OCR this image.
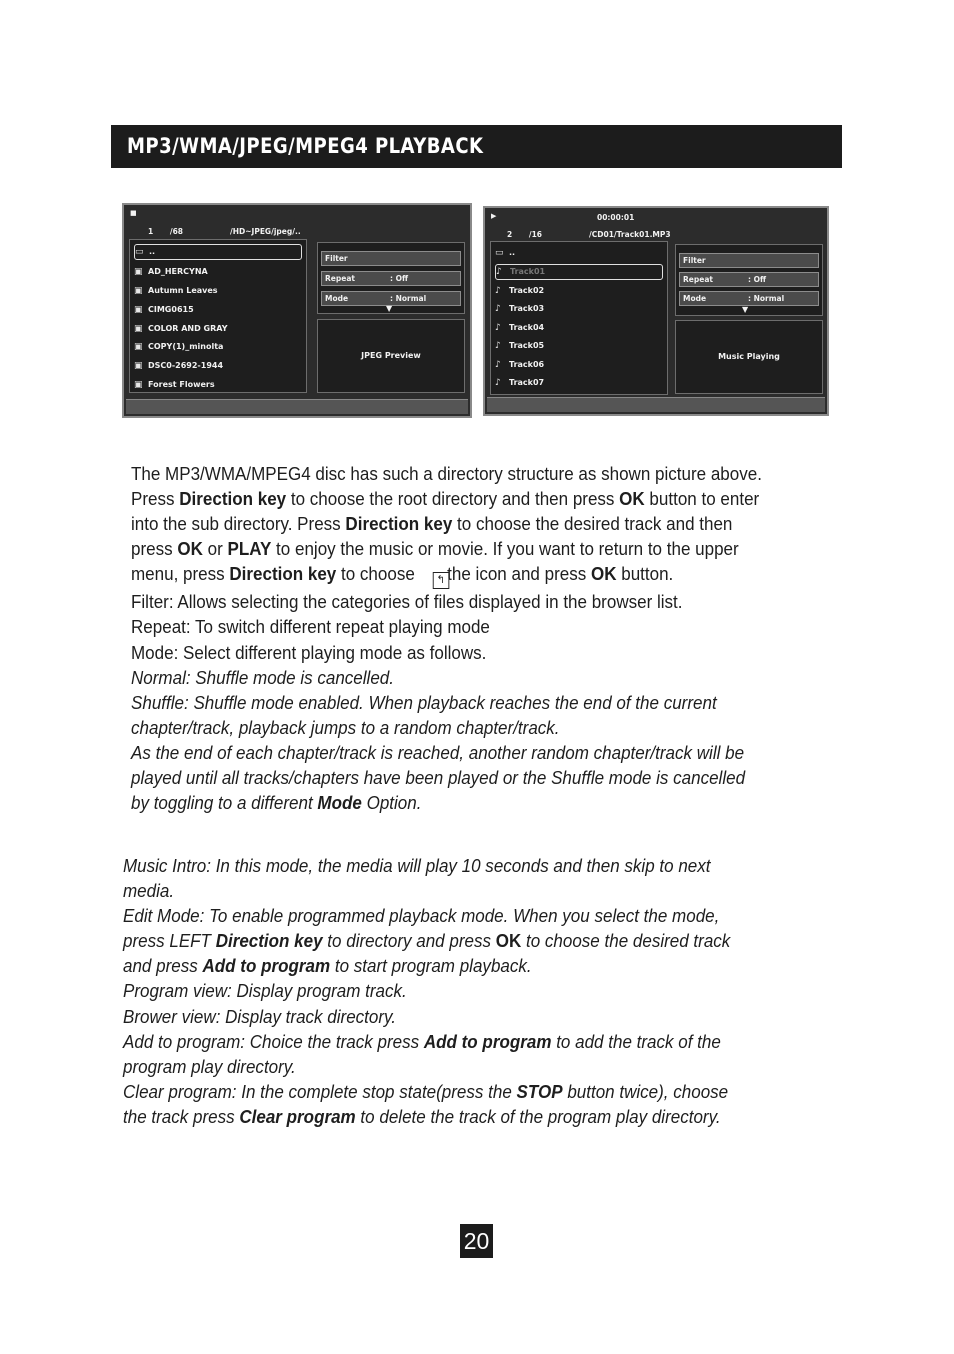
MP3/WMA/JPEG/MPEG4 PLAYBACK
■
1 /68	/HD~JPEG/jpeg/..
▭ ..
▣ AD_HERCYNA
▣ Autumn Leaves
▣ CIMG0615
▣ COLOR AND GRAY
▣ COPY(1)_minolta
▣ DSC0-2692-1944
▣ Forest Flowers
Filter
Repeat	: Off
Mode	: Normal
▼
JPEG Preview
▶	00:00:01
2 /16	/CD01/Track01.MP3
▭ ..
♪ Track01
♪ Track02
♪ Track03
♪ Track04
♪ Track05
♪ Track06
♪ Track07
Filter
Repeat	: Off
Mode	: Normal
▼
Music Playing
The MP3/WMA/MPEG4 disc has such a directory structure as shown picture above.
Press Direction key to choose the root directory and then press OK button to enter
into the sub directory. Press Direction key to choose the desired track and then
press OK or PLAY to enjoy the music or movie. If you want to return to the upper
menu, press Direction key to choose ↰ the icon and press OK button.
Filter: Allows selecting the categories of files displayed in the browser list.
Repeat: To switch different repeat playing mode
Mode: Select different playing mode as follows.
Normal: Shuffle mode is cancelled.
Shuffle: Shuffle mode enabled. When playback reaches the end of the current
chapter/track, playback jumps to a random chapter/track.
As the end of each chapter/track is reached, another random chapter/track will be
played until all tracks/chapters have been played or the Shuffle mode is cancelled
by toggling to a different Mode Option.
Music Intro: In this mode, the media will play 10 seconds and then skip to next
media.
Edit Mode: To enable programmed playback mode. When you select the mode,
press LEFT Direction key to directory and press OK to choose the desired track
and press Add to program to start program playback.
Program view: Display program track.
Brower view: Display track directory.
Add to program: Choice the track press Add to program to add the track of the
program play directory.
Clear program: In the complete stop state(press the STOP button twice), choose
the track press Clear program to delete the track of the program play directory.
20
